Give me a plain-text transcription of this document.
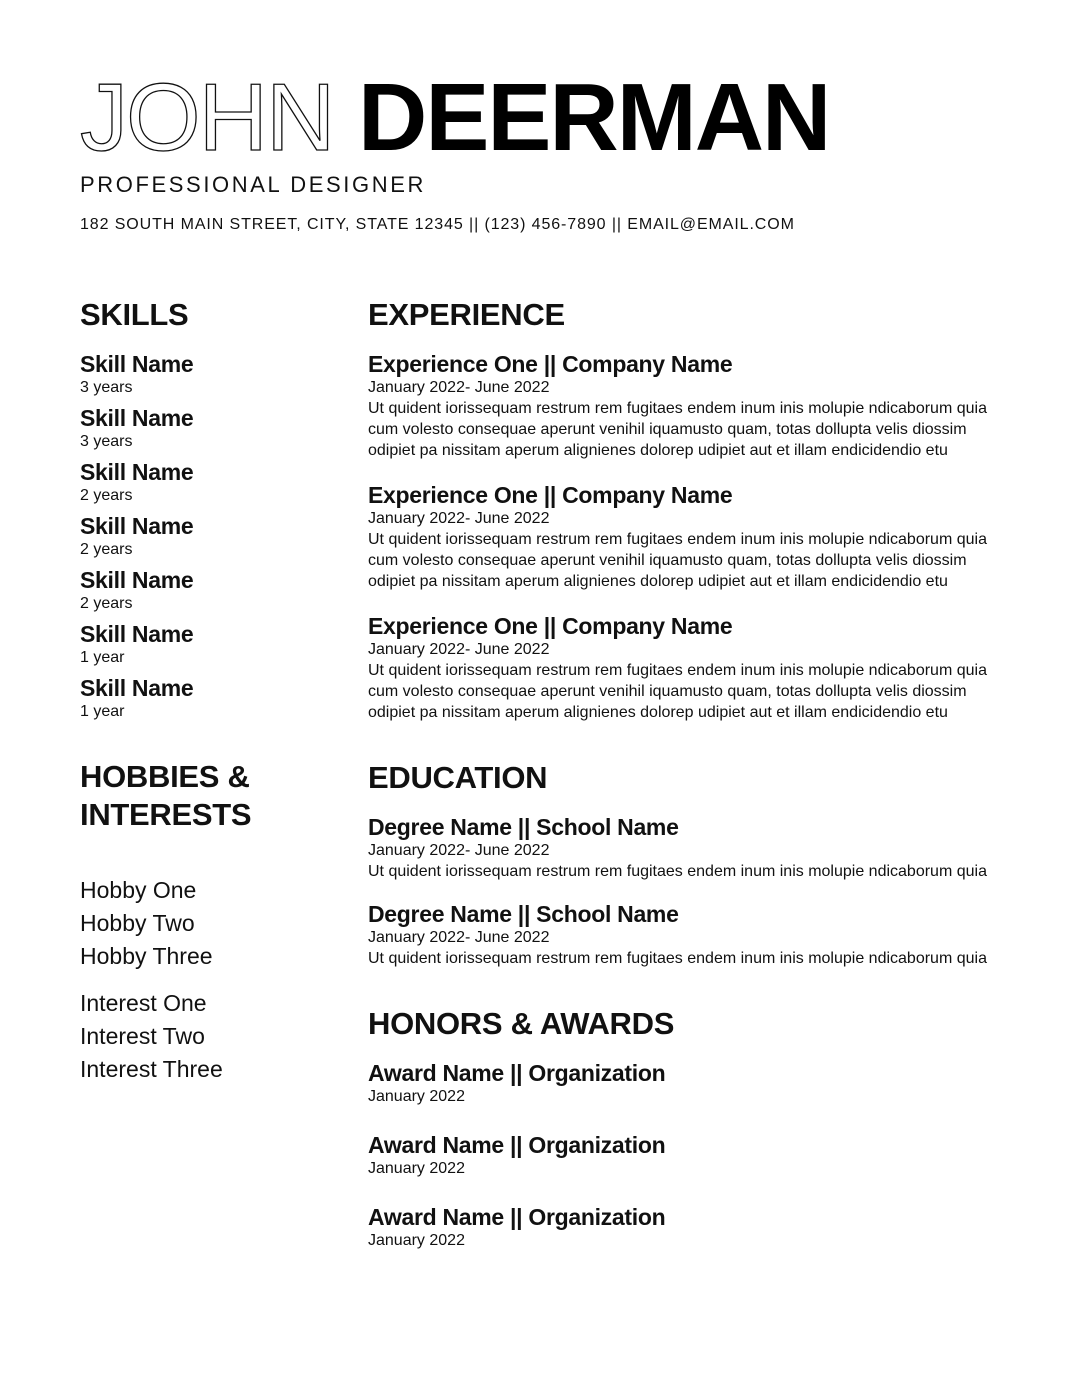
JOHN DEERMAN
PROFESSIONAL DESIGNER
182 SOUTH MAIN STREET, CITY, STATE 12345 || (123) 456-7890 || EMAIL@EMAIL.COM
SKILLS
Skill Name
3 years
Skill Name
3 years
Skill Name
2 years
Skill Name
2 years
Skill Name
2 years
Skill Name
1 year
Skill Name
1 year
HOBBIES &
INTERESTS
Hobby One
Hobby Two
Hobby Three
Interest One
Interest Two
Interest Three
EXPERIENCE
Experience One || Company Name
January 2022- June 2022
Ut quident iorissequam restrum rem fugitaes endem inum inis molupie ndicaborum quia cum volesto consequae aperunt venihil iquamusto quam, totas dollupta velis diossim odipiet pa nissitam aperum alignienes dolorep udipiet aut et illam endicidendio etu
Experience One || Company Name
January 2022- June 2022
Ut quident iorissequam restrum rem fugitaes endem inum inis molupie ndicaborum quia cum volesto consequae aperunt venihil iquamusto quam, totas dollupta velis diossim odipiet pa nissitam aperum alignienes dolorep udipiet aut et illam endicidendio etu
Experience One || Company Name
January 2022- June 2022
Ut quident iorissequam restrum rem fugitaes endem inum inis molupie ndicaborum quia cum volesto consequae aperunt venihil iquamusto quam, totas dollupta velis diossim odipiet pa nissitam aperum alignienes dolorep udipiet aut et illam endicidendio etu
EDUCATION
Degree Name || School Name
January 2022- June 2022
Ut quident iorissequam restrum rem fugitaes endem inum inis molupie ndicaborum quia
Degree Name || School Name
January 2022- June 2022
Ut quident iorissequam restrum rem fugitaes endem inum inis molupie ndicaborum quia
HONORS & AWARDS
Award Name || Organization
January 2022
Award Name || Organization
January 2022
Award Name || Organization
January 2022
